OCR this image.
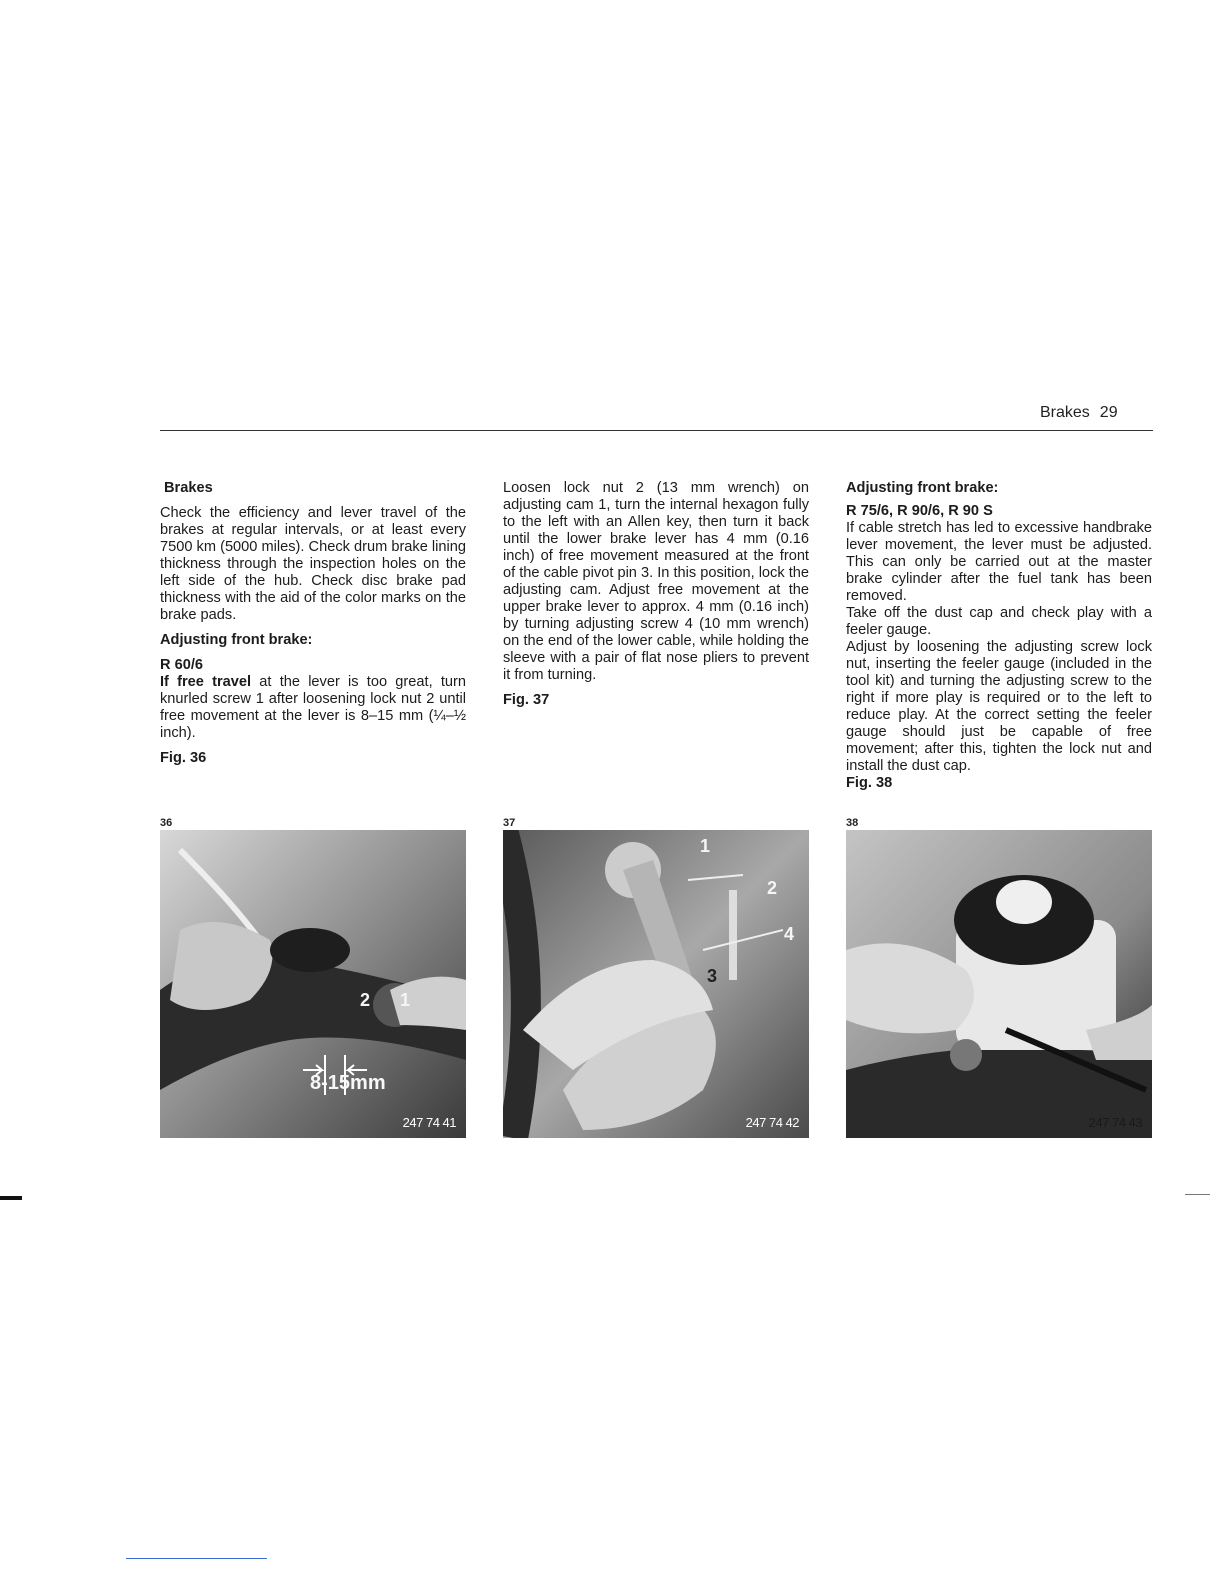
Brakes 29
Brakes

Check the efficiency and lever travel of the brakes at regular intervals, or at least every 7500 km (5000 miles). Check drum brake lining thickness through the inspection holes on the left side of the hub. Check disc brake pad thickness with the aid of the color marks on the brake pads.

Adjusting front brake:
R 60/6

If free travel at the lever is too great, turn knurled screw 1 after loosening lock nut 2 until free movement at the lever is 8–15 mm (¼–½ inch).

Fig. 36

Loosen lock nut 2 (13 mm wrench) on adjusting cam 1, turn the internal hexagon fully to the left with an Allen key, then turn it back until the lower brake lever has 4 mm (0.16 inch) of free movement measured at the front of the cable pivot pin 3. In this position, lock the adjusting cam. Adjust free movement at the upper brake lever to approx. 4 mm (0.16 inch) by turning adjusting screw 4 (10 mm wrench) on the end of the lower cable, while holding the sleeve with a pair of flat nose pliers to prevent it from turning.

Fig. 37
Adjusting front brake:
R 75/6, R 90/6, R 90 S

If cable stretch has led to excessive handbrake lever movement, the lever must be adjusted. This can only be carried out at the master brake cylinder after the fuel tank has been removed.

Take off the dust cap and check play with a feeler gauge.

Adjust by loosening the adjusting screw lock nut, inserting the feeler gauge (included in the tool kit) and turning the adjusting screw to the right if more play is required or to the left to reduce play. At the correct setting the feeler gauge should just be capable of free movement; after this, tighten the lock nut and install the dust cap.

Fig. 38
36
2 1
8-15mm
247 74 41
37
1
2
3
4
247 74 42
38
247 74 43
